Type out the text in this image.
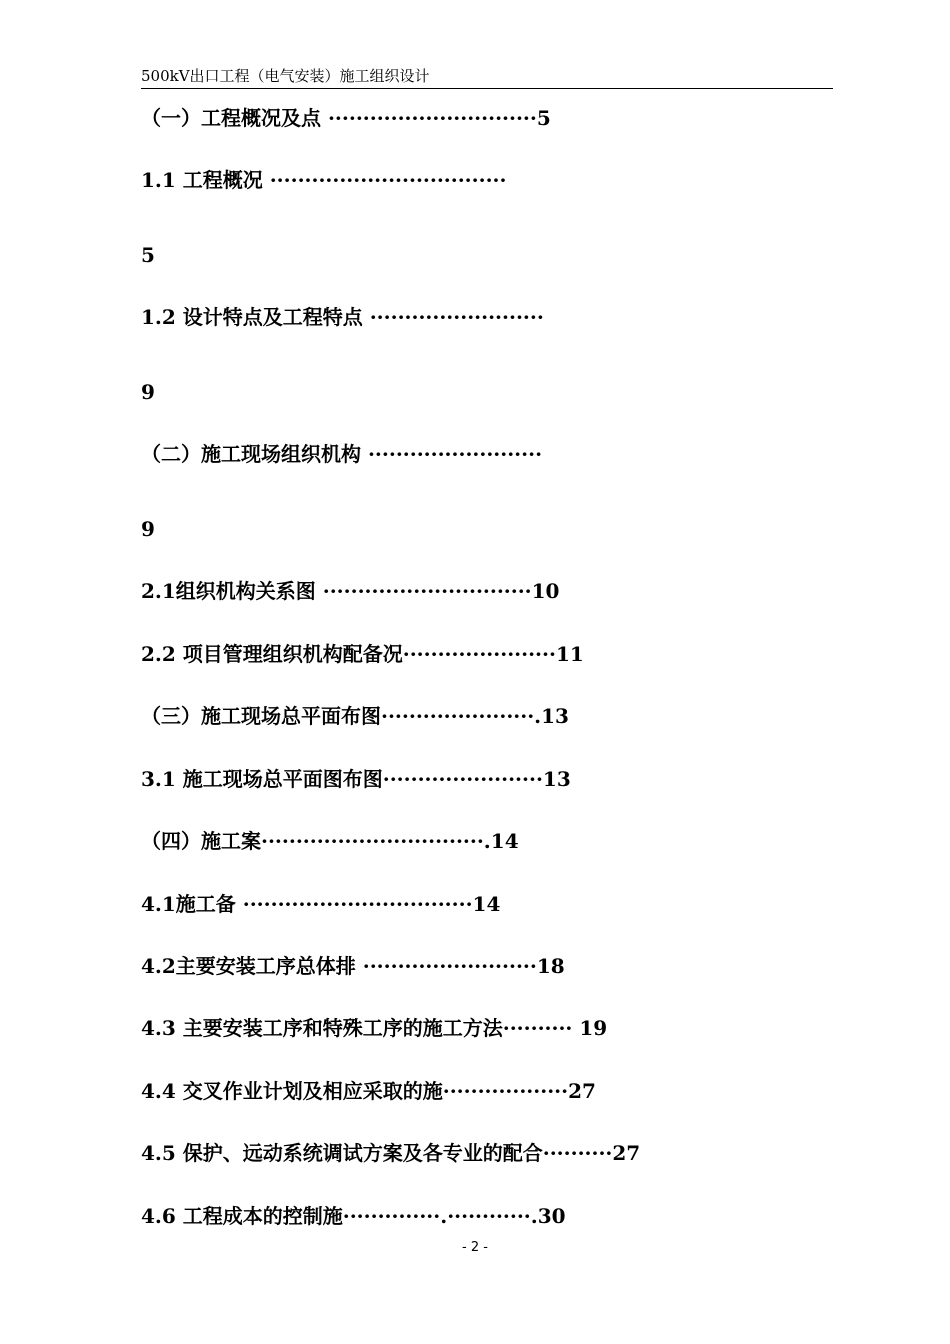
500kV出口工程（电气安装）施工组织设计
（一）工程概况及点 ······························5
1.1 工程概况 ··································
5
1.2 设计特点及工程特点 ·························
9
（二）施工现场组织机构 ·························
9
2.1组织机构关系图 ······························10
2.2 项目管理组织机构配备况······················11
（三）施工现场总平面布图······················.13
3.1 施工现场总平面图布图·······················13
（四）施工案································.14
4.1施工备 ·································14
4.2主要安装工序总体排 ·························18
4.3 主要安装工序和特殊工序的施工方法·········· 19
4.4 交叉作业计划及相应采取的施··················27
4.5 保护、远动系统调试方案及各专业的配合··········27
4.6 工程成本的控制施··············.············.30
- 2 -
